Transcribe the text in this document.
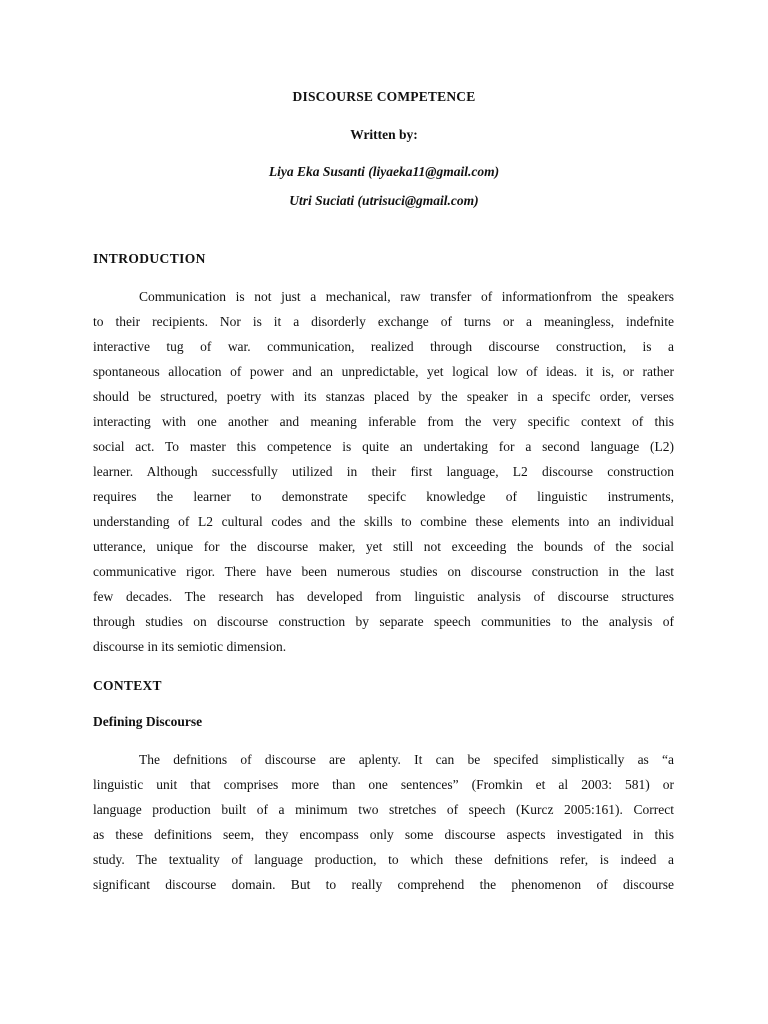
DISCOURSE COMPETENCE
Written by:
Liya Eka Susanti (liyaeka11@gmail.com)
Utri Suciati (utrisuci@gmail.com)
INTRODUCTION
Communication is not just a mechanical, raw transfer of informationfrom the speakers
to their recipients. Nor is it a disorderly exchange of turns or a meaningless, indefnite
interactive tug of war. communication, realized through discourse construction, is a
spontaneous allocation of power and an unpredictable, yet logical low of ideas. it is, or rather
should be structured, poetry with its stanzas placed by the speaker in a specifc order, verses
interacting with one another and meaning inferable from the very specific context of this
social act. To master this competence is quite an undertaking for a second language (L2)
learner. Although successfully utilized in their first language, L2 discourse construction
requires the learner to demonstrate specifc knowledge of linguistic instruments,
understanding of L2 cultural codes and the skills to combine these elements into an individual
utterance, unique for the discourse maker, yet still not exceeding the bounds of the social
communicative rigor. There have been numerous studies on discourse construction in the last
few decades. The research has developed from linguistic analysis of discourse structures
through studies on discourse construction by separate speech communities to the analysis of
discourse in its semiotic dimension.
CONTEXT
Defining Discourse
The defnitions of discourse are aplenty. It can be specifed simplistically as “a
linguistic unit that comprises more than one sentences” (Fromkin et al 2003: 581) or
language production built of a minimum two stretches of speech (Kurcz 2005:161). Correct
as these definitions seem, they encompass only some discourse aspects investigated in this
study. The textuality of language production, to which these defnitions refer, is indeed a
significant discourse domain. But to really comprehend the phenomenon of discourse
